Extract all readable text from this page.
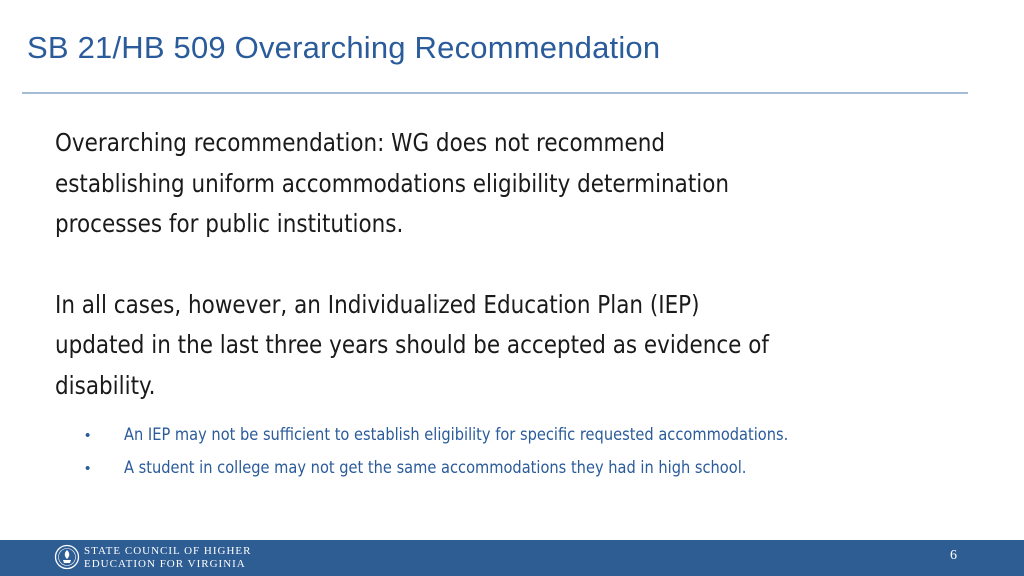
SB 21/HB 509 Overarching Recommendation

Overarching recommendation: WG does not recommend
establishing uniform accommodations eligibility determination
processes for public institutions.

In all cases, however, an Individualized Education Plan (IEP)
updated in the last three years should be accepted as evidence of
disability.

• An IEP may not be sufficient to establish eligibility for specific requested accommodations.
• A student in college may not get the same accommodations they had in high school.
STATE COUNCIL OF HIGHER
EDUCATION FOR VIRGINIA
6
